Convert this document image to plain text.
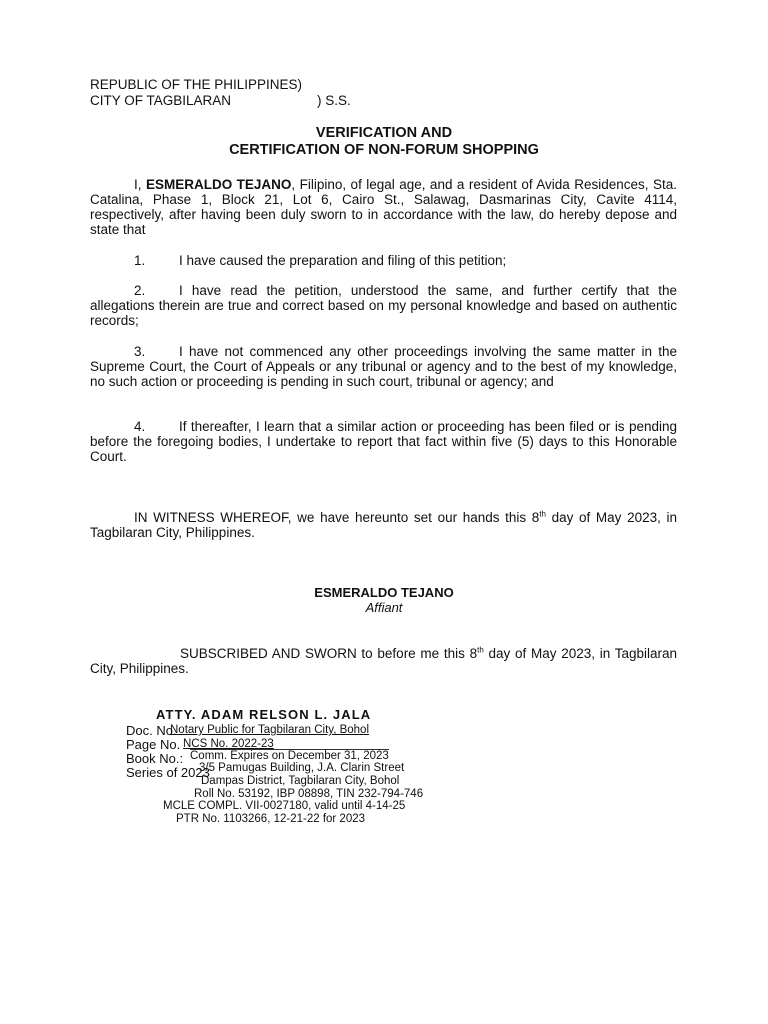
REPUBLIC OF THE PHILIPPINES)
CITY OF TAGBILARAN	) S.S.
VERIFICATION AND
CERTIFICATION OF NON-FORUM SHOPPING
I, ESMERALDO TEJANO, Filipino, of legal age, and a resident of Avida Residences, Sta. Catalina, Phase 1, Block 21, Lot 6, Cairo St., Salawag, Dasmarinas City, Cavite 4114, respectively, after having been duly sworn to in accordance with the law, do hereby depose and state that
1. I have caused the preparation and filing of this petition;
2. I have read the petition, understood the same, and further certify that the allegations therein are true and correct based on my personal knowledge and based on authentic records;
3. I have not commenced any other proceedings involving the same matter in the Supreme Court, the Court of Appeals or any tribunal or agency and to the best of my knowledge, no such action or proceeding is pending in such court, tribunal or agency; and
4. If thereafter, I learn that a similar action or proceeding has been filed or is pending before the foregoing bodies, I undertake to report that fact within five (5) days to this Honorable Court.
IN WITNESS WHEREOF, we have hereunto set our hands this 8th day of May 2023, in Tagbilaran City, Philippines.
ESMERALDO TEJANO
Affiant
SUBSCRIBED AND SWORN to before me this 8th day of May 2023, in Tagbilaran City, Philippines.
ATTY. ADAM RELSON L. JALA
Doc. No.
Page No.
Book No.:
Series of 2023
Notary Public for Tagbilaran City, Bohol
NCS No. 2022-23
Comm. Expires on December 31, 2023
3/5 Pamugas Building, J.A. Clarin Street
Dampas District, Tagbilaran City, Bohol
Roll No. 53192, IBP 08898, TIN 232-794-746
MCLE COMPL. VII-0027180, valid until 4-14-25
PTR No. 1103266, 12-21-22 for 2023
